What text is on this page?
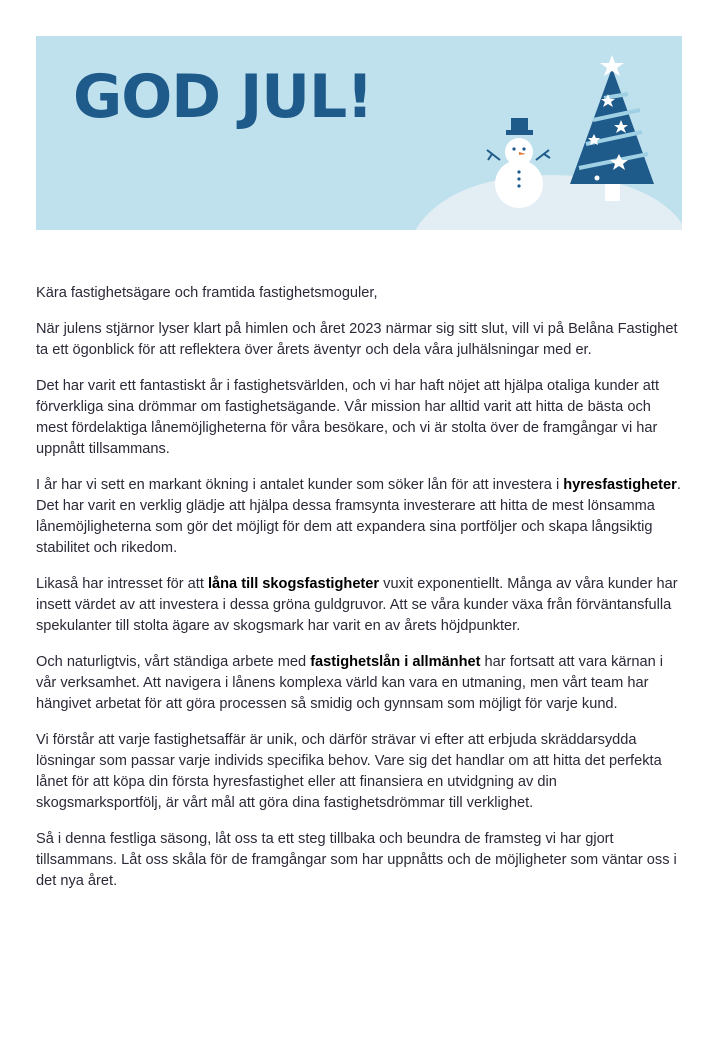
GOD JUL!

Kära fastighetsägare och framtida fastighetsmoguler,

När julens stjärnor lyser klart på himlen och året 2023 närmar sig sitt slut, vill vi på Belåna Fastighet ta ett ögonblick för att reflektera över årets äventyr och dela våra julhälsningar med er.

Det har varit ett fantastiskt år i fastighetsvärlden, och vi har haft nöjet att hjälpa otaliga kunder att förverkliga sina drömmar om fastighetsägande. Vår mission har alltid varit att hitta de bästa och mest fördelaktiga lånemöjligheterna för våra besökare, och vi är stolta över de framgångar vi har uppnått tillsammans.

I år har vi sett en markant ökning i antalet kunder som söker lån för att investera i hyresfastigheter. Det har varit en verklig glädje att hjälpa dessa framsynta investerare att hitta de mest lönsamma lånemöjligheterna som gör det möjligt för dem att expandera sina portföljer och skapa långsiktig stabilitet och rikedom.

Likaså har intresset för att låna till skogsfastigheter vuxit exponentiellt. Många av våra kunder har insett värdet av att investera i dessa gröna guldgruvor. Att se våra kunder växa från förväntansfulla spekulanter till stolta ägare av skogsmark har varit en av årets höjdpunkter.

Och naturligtvis, vårt ständiga arbete med fastighetslån i allmänhet har fortsatt att vara kärnan i vår verksamhet. Att navigera i lånens komplexa värld kan vara en utmaning, men vårt team har hängivet arbetat för att göra processen så smidig och gynnsam som möjligt för varje kund.

Vi förstår att varje fastighetsaffär är unik, och därför strävar vi efter att erbjuda skräddarsydda lösningar som passar varje individs specifika behov. Vare sig det handlar om att hitta det perfekta lånet för att köpa din första hyresfastighet eller att finansiera en utvidgning av din skogsmarksportfölj, är vårt mål att göra dina fastighetsdrömmar till verklighet.

Så i denna festliga säsong, låt oss ta ett steg tillbaka och beundra de framsteg vi har gjort tillsammans. Låt oss skåla för de framgångar som har uppnåtts och de möjligheter som väntar oss i det nya året.
